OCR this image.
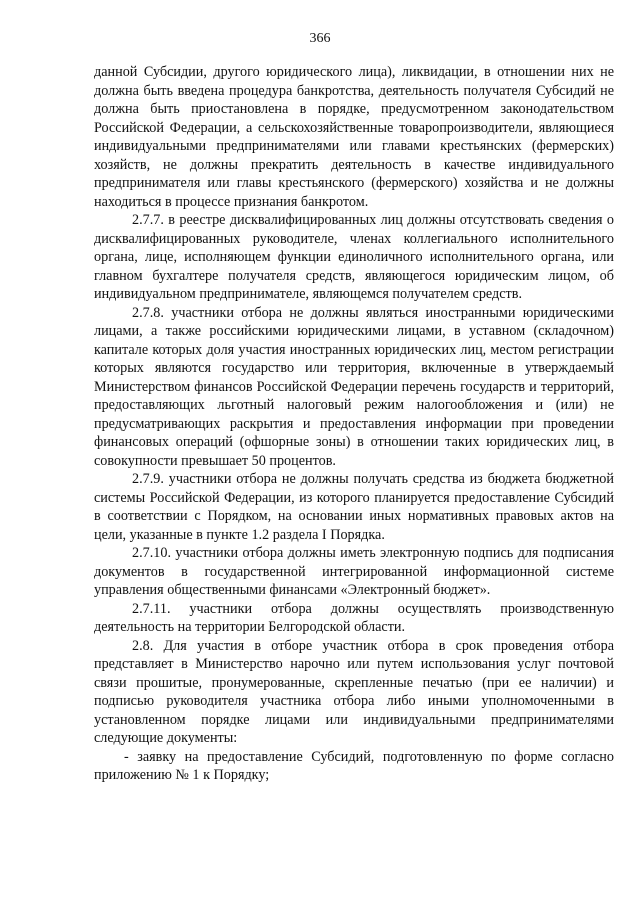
366

данной Субсидии, другого юридического лица), ликвидации, в отношении них не должна быть введена процедура банкротства, деятельность получателя Субсидий не должна быть приостановлена в порядке, предусмотренном законодательством Российской Федерации, а сельскохозяйственные товаропроизводители, являющиеся индивидуальными предпринимателями или главами крестьянских (фермерских) хозяйств, не должны прекратить деятельность в качестве индивидуального предпринимателя или главы крестьянского (фермерского) хозяйства и не должны находиться в процессе признания банкротом.

2.7.7. в реестре дисквалифицированных лиц должны отсутствовать сведения о дисквалифицированных руководителе, членах коллегиального исполнительного органа, лице, исполняющем функции единоличного исполнительного органа, или главном бухгалтере получателя средств, являющегося юридическим лицом, об индивидуальном предпринимателе, являющемся получателем средств.

2.7.8. участники отбора не должны являться иностранными юридическими лицами, а также российскими юридическими лицами, в уставном (складочном) капитале которых доля участия иностранных юридических лиц, местом регистрации которых являются государство или территория, включенные в утверждаемый Министерством финансов Российской Федерации перечень государств и территорий, предоставляющих льготный налоговый режим налогообложения и (или) не предусматривающих раскрытия и предоставления информации при проведении финансовых операций (офшорные зоны) в отношении таких юридических лиц, в совокупности превышает 50 процентов.

2.7.9. участники отбора не должны получать средства из бюджета бюджетной системы Российской Федерации, из которого планируется предоставление Субсидий в соответствии с Порядком, на основании иных нормативных правовых актов на цели, указанные в пункте 1.2 раздела I Порядка.

2.7.10. участники отбора должны иметь электронную подпись для подписания документов в государственной интегрированной информационной системе управления общественными финансами «Электронный бюджет».

2.7.11. участники отбора должны осуществлять производственную деятельность на территории Белгородской области.

2.8. Для участия в отборе участник отбора в срок проведения отбора представляет в Министерство нарочно или путем использования услуг почтовой связи прошитые, пронумерованные, скрепленные печатью (при ее наличии) и подписью руководителя участника отбора либо иными уполномоченными в установленном порядке лицами или индивидуальными предпринимателями следующие документы:

- заявку на предоставление Субсидий, подготовленную по форме согласно приложению № 1 к Порядку;
